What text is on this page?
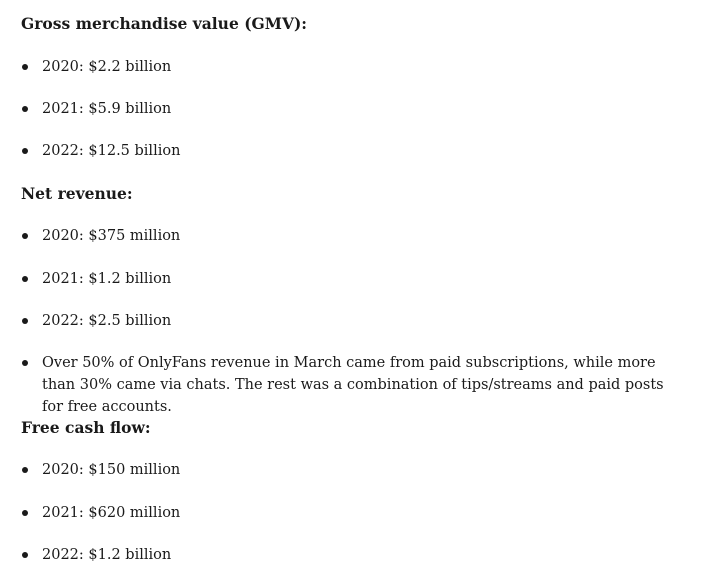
Gross merchandise value (GMV):
2020: $2.2 billion
2021: $5.9 billion
2022: $12.5 billion
Net revenue:
2020: $375 million
2021: $1.2 billion
2022: $2.5 billion
Over 50% of OnlyFans revenue in March came from paid subscriptions, while more than 30% came via chats. The rest was a combination of tips/streams and paid posts for free accounts.
Free cash flow:
2020: $150 million
2021: $620 million
2022: $1.2 billion
